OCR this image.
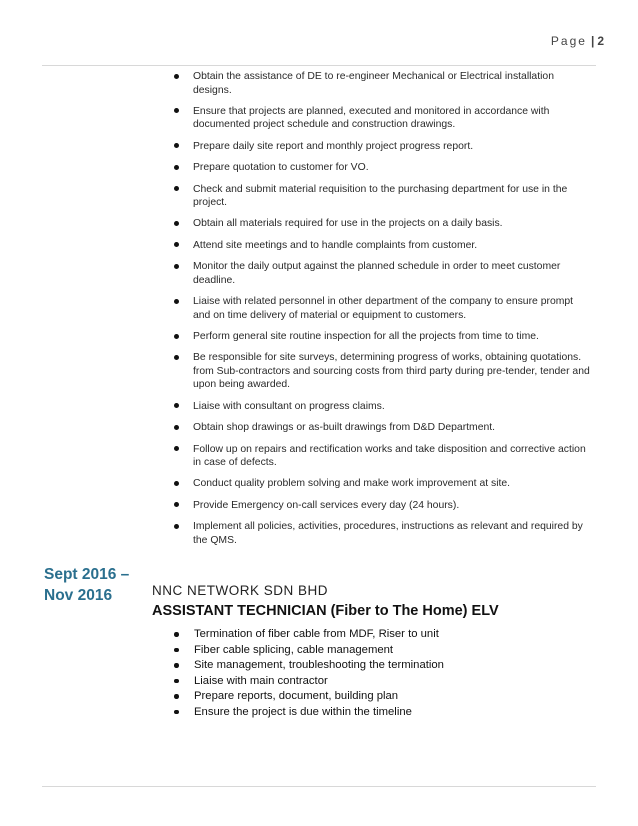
Page | 2
Obtain the assistance of DE to re-engineer Mechanical or Electrical installation designs.
Ensure that projects are planned, executed and monitored in accordance with documented project schedule and construction drawings.
Prepare daily site report and monthly project progress report.
Prepare quotation to customer for VO.
Check and submit material requisition to the purchasing department for use in the project.
Obtain all materials required for use in the projects on a daily basis.
Attend site meetings and to handle complaints from customer.
Monitor the daily output against the planned schedule in order to meet customer deadline.
Liaise with related personnel in other department of the company to ensure prompt and on time delivery of material or equipment to customers.
Perform general site routine inspection for all the projects from time to time.
Be responsible for site surveys, determining progress of works, obtaining quotations. from Sub-contractors and sourcing costs from third party during pre-tender, tender and upon being awarded.
Liaise with consultant on progress claims.
Obtain shop drawings or as-built drawings from D&D Department.
Follow up on repairs and rectification works and take disposition and corrective action in case of defects.
Conduct quality problem solving and make work improvement at site.
Provide Emergency on-call services every day (24 hours).
Implement all policies, activities, procedures, instructions as relevant and required by the QMS.
Sept 2016 –
Nov 2016	NNC NETWORK SDN BHD
ASSISTANT TECHNICIAN (Fiber to The Home) ELV
Termination of fiber cable from MDF, Riser to unit
Fiber cable splicing, cable management
Site management, troubleshooting the termination
Liaise with main contractor
Prepare reports, document, building plan
Ensure the project is due within the timeline
